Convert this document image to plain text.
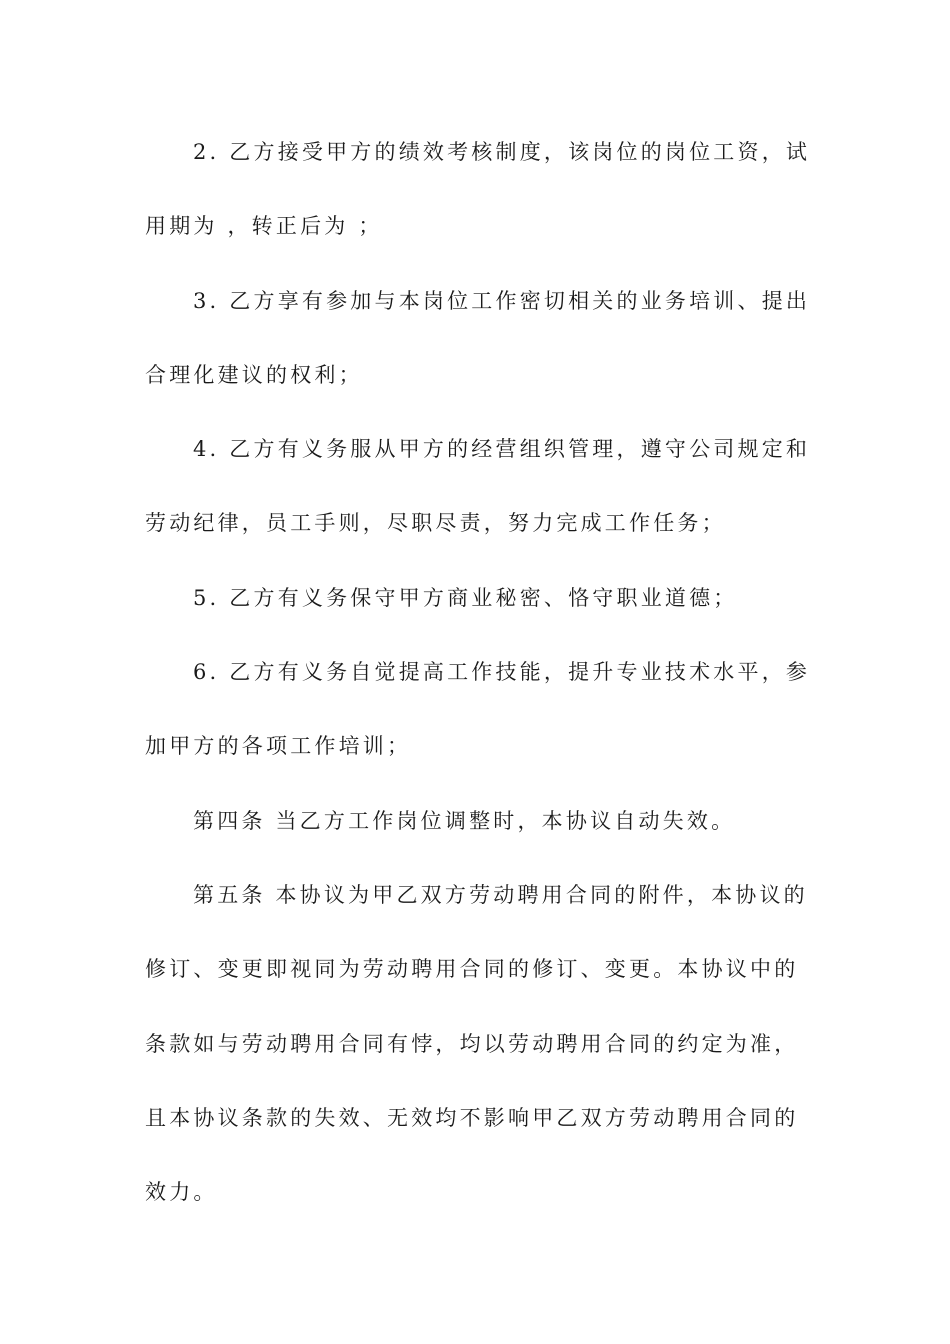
2. 乙方接受甲方的绩效考核制度，该岗位的岗位工资，试
用期为 ，转正后为 ；
3. 乙方享有参加与本岗位工作密切相关的业务培训、提出
合理化建议的权利；
4. 乙方有义务服从甲方的经营组织管理，遵守公司规定和
劳动纪律，员工手则，尽职尽责，努力完成工作任务；
5. 乙方有义务保守甲方商业秘密、恪守职业道德；
6. 乙方有义务自觉提高工作技能，提升专业技术水平，参
加甲方的各项工作培训；
第四条 当乙方工作岗位调整时，本协议自动失效。
第五条 本协议为甲乙双方劳动聘用合同的附件，本协议的
修订、变更即视同为劳动聘用合同的修订、变更。本协议中的
条款如与劳动聘用合同有悖，均以劳动聘用合同的约定为准，
且本协议条款的失效、无效均不影响甲乙双方劳动聘用合同的
效力。
